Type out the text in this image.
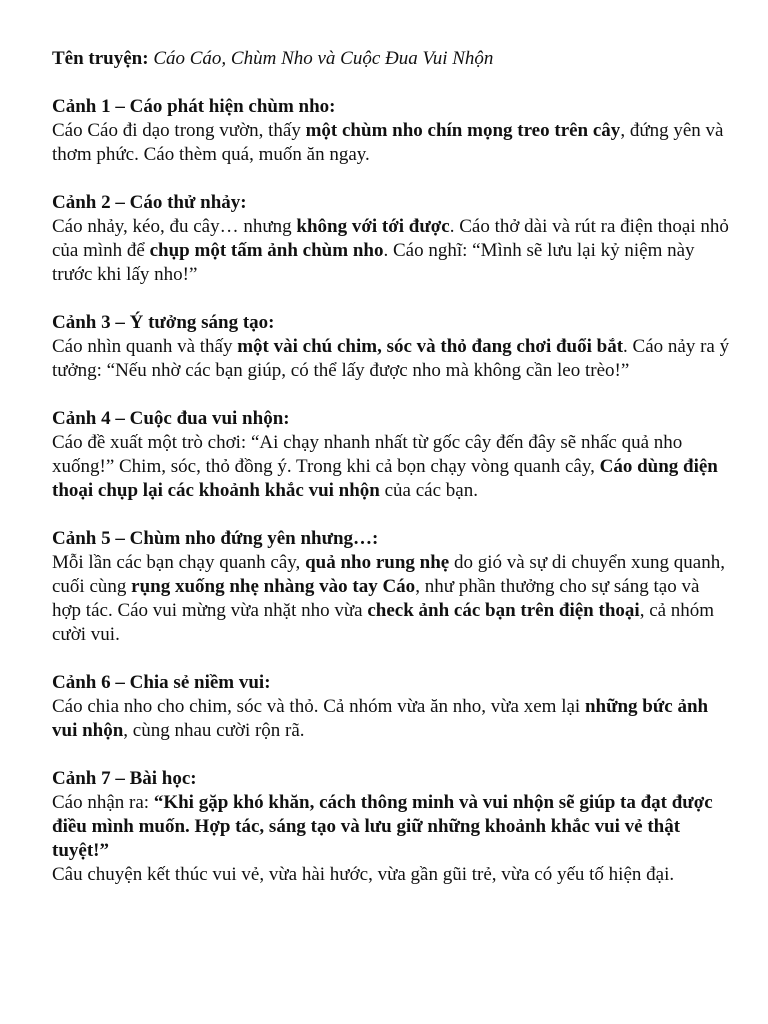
Tên truyện: Cáo Cáo, Chùm Nho và Cuộc Đua Vui Nhộn

Cảnh 1 – Cáo phát hiện chùm nho:
Cáo Cáo đi dạo trong vườn, thấy một chùm nho chín mọng treo trên cây, đứng yên và thơm phức. Cáo thèm quá, muốn ăn ngay.
Cảnh 2 – Cáo thử nhảy:
Cáo nhảy, kéo, đu cây… nhưng không với tới được. Cáo thở dài và rút ra điện thoại nhỏ của mình để chụp một tấm ảnh chùm nho. Cáo nghĩ: “Mình sẽ lưu lại kỷ niệm này trước khi lấy nho!”
Cảnh 3 – Ý tưởng sáng tạo:
Cáo nhìn quanh và thấy một vài chú chim, sóc và thỏ đang chơi đuổi bắt. Cáo nảy ra ý tưởng: “Nếu nhờ các bạn giúp, có thể lấy được nho mà không cần leo trèo!”
Cảnh 4 – Cuộc đua vui nhộn:
Cáo đề xuất một trò chơi: “Ai chạy nhanh nhất từ gốc cây đến đây sẽ nhấc quả nho xuống!” Chim, sóc, thỏ đồng ý. Trong khi cả bọn chạy vòng quanh cây, Cáo dùng điện thoại chụp lại các khoảnh khắc vui nhộn của các bạn.
Cảnh 5 – Chùm nho đứng yên nhưng…:
Mỗi lần các bạn chạy quanh cây, quả nho rung nhẹ do gió và sự di chuyển xung quanh, cuối cùng rụng xuống nhẹ nhàng vào tay Cáo, như phần thưởng cho sự sáng tạo và hợp tác. Cáo vui mừng vừa nhặt nho vừa check ảnh các bạn trên điện thoại, cả nhóm cười vui.
Cảnh 6 – Chia sẻ niềm vui:
Cáo chia nho cho chim, sóc và thỏ. Cả nhóm vừa ăn nho, vừa xem lại những bức ảnh vui nhộn, cùng nhau cười rộn rã.
Cảnh 7 – Bài học:
Cáo nhận ra: “Khi gặp khó khăn, cách thông minh và vui nhộn sẽ giúp ta đạt được điều mình muốn. Hợp tác, sáng tạo và lưu giữ những khoảnh khắc vui vẻ thật tuyệt!”
Câu chuyện kết thúc vui vẻ, vừa hài hước, vừa gần gũi trẻ, vừa có yếu tố hiện đại.
